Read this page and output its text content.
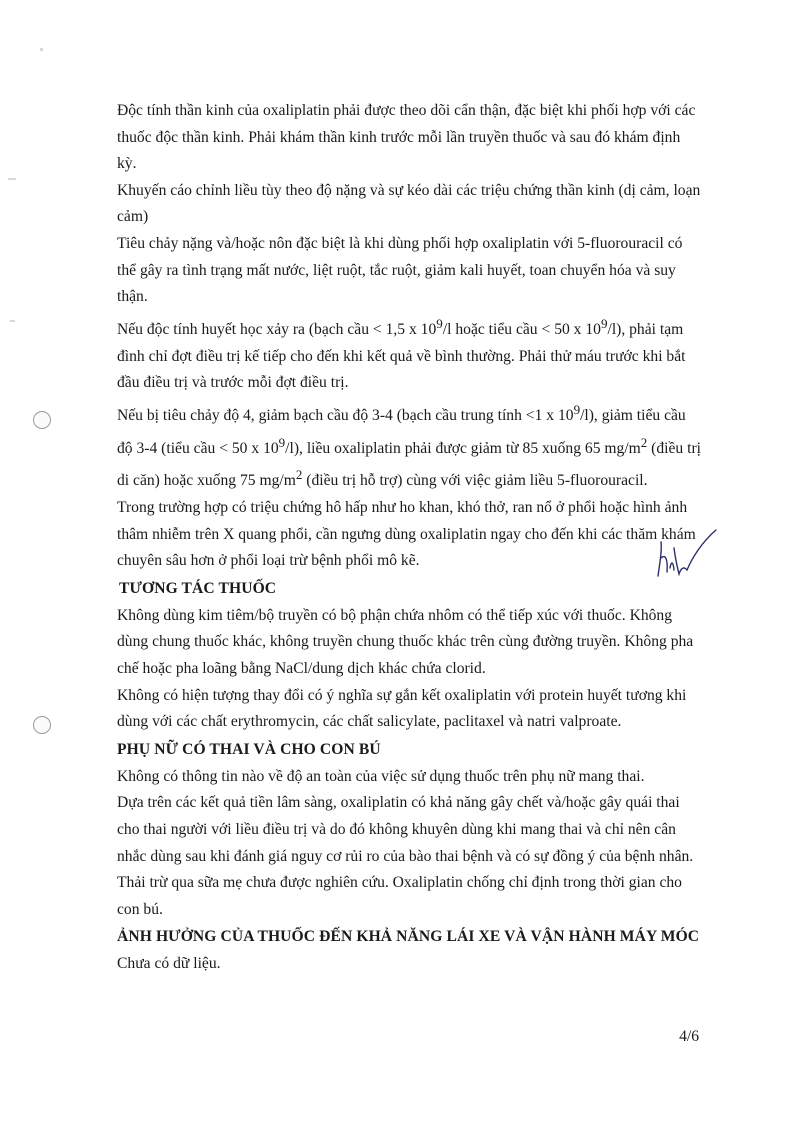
Độc tính thần kinh của oxaliplatin phải được theo dõi cẩn thận, đặc biệt khi phối hợp với các thuốc độc thần kinh. Phải khám thần kinh trước mỗi lần truyền thuốc và sau đó khám định kỳ.

Khuyến cáo chỉnh liều tùy theo độ nặng và sự kéo dài các triệu chứng thần kinh (dị cảm, loạn cảm)

Tiêu chảy nặng và/hoặc nôn đặc biệt là khi dùng phối hợp oxaliplatin với 5-fluorouracil có thể gây ra tình trạng mất nước, liệt ruột, tắc ruột, giảm kali huyết, toan chuyển hóa và suy thận.

Nếu độc tính huyết học xảy ra (bạch cầu < 1,5 x $10^9/l$ hoặc tiểu cầu < 50 x $10^9/l$), phải tạm đình chỉ đợt điều trị kế tiếp cho đến khi kết quả về bình thường. Phải thử máu trước khi bắt đầu điều trị và trước mỗi đợt điều trị.

Nếu bị tiêu chảy độ 4, giảm bạch cầu độ 3-4 (bạch cầu trung tính <1 x $10^9/l$), giảm tiểu cầu độ 3-4 (tiểu cầu < 50 x $10^9/l$), liều oxaliplatin phải được giảm từ 85 xuống 65 $mg/m^2$ (điều trị di căn) hoặc xuống 75 $mg/m^2$ (điều trị hỗ trợ) cùng với việc giảm liều 5-fluorouracil.

Trong trường hợp có triệu chứng hô hấp như ho khan, khó thở, ran nổ ở phổi hoặc hình ảnh thâm nhiễm trên X quang phổi, cần ngưng dùng oxaliplatin ngay cho đến khi các thăm khám chuyên sâu hơn ở phổi loại trừ bệnh phổi mô kẽ.

TƯƠNG TÁC THUỐC

Không dùng kim tiêm/bộ truyền có bộ phận chứa nhôm có thể tiếp xúc với thuốc. Không dùng chung thuốc khác, không truyền chung thuốc khác trên cùng đường truyền. Không pha chế hoặc pha loãng bằng NaCl/dung dịch khác chứa clorid.

Không có hiện tượng thay đổi có ý nghĩa sự gắn kết oxaliplatin với protein huyết tương khi dùng với các chất erythromycin, các chất salicylate, paclitaxel và natri valproate.

PHỤ NỮ CÓ THAI VÀ CHO CON BÚ

Không có thông tin nào về độ an toàn của việc sử dụng thuốc trên phụ nữ mang thai.

Dựa trên các kết quả tiền lâm sàng, oxaliplatin có khả năng gây chết và/hoặc gây quái thai cho thai người với liều điều trị và do đó không khuyên dùng khi mang thai và chỉ nên cân nhắc dùng sau khi đánh giá nguy cơ rủi ro của bào thai bệnh và có sự đồng ý của bệnh nhân.

Thải trừ qua sữa mẹ chưa được nghiên cứu. Oxaliplatin chống chỉ định trong thời gian cho con bú.

ẢNH HƯỞNG CỦA THUỐC ĐẾN KHẢ NĂNG LÁI XE VÀ VẬN HÀNH MÁY MÓC

Chưa có dữ liệu.

4/6
